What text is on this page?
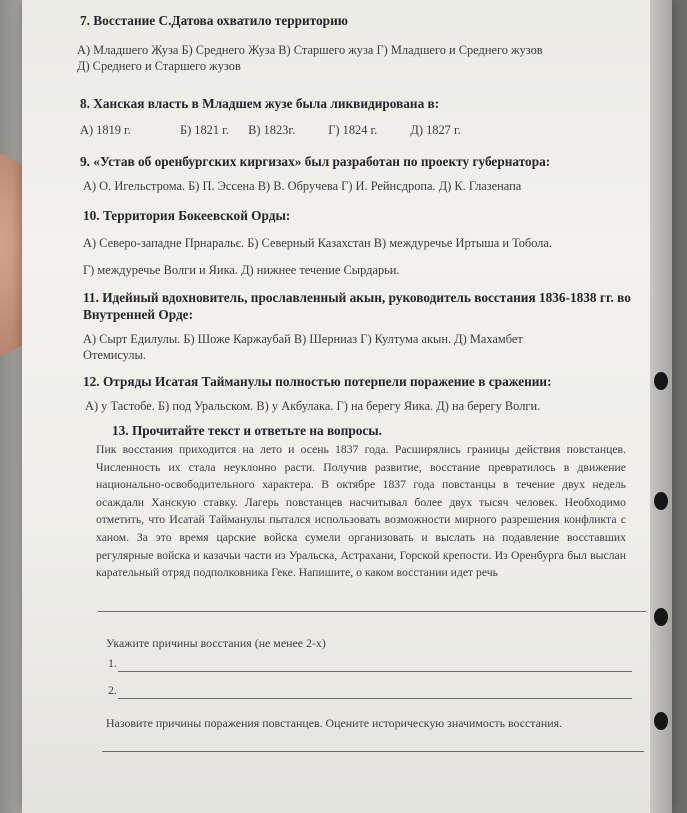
7. Восстание С.Датова охватило территорию
А) Младшего Жуза Б) Среднего Жуза В) Старшего жуза Г) Младшего и Среднего жузов
Д) Среднего и Старшего жузов
8. Ханская власть в Младшем жузе была ликвидирована в:
А) 1819 г.	Б) 1821 г. В) 1823г.	Г) 1824 г.	Д) 1827 г.
9. «Устав об оренбургских киргизах» был разработан по проекту губернатора:
А) О. Игельстрома. Б) П. Эссена В) В. Обручева Г) И. Рейнсдропа. Д) К. Глазенапа
10. Территория Бокеевской Орды:
А) Северо-западне Прнаральє. Б) Северный Казахстан В) междуречье Иртыша и Тобола.
Г) междуречье Волги и Яика. Д) нижнее течение Сырдарьи.
11. Идейный вдохновитель, прославленный акын, руководитель восстания 1836-1838 гг. во Внутренней Орде:
А) Сырт Едилулы. Б) Шоже Каржаубай В) Шерниаз Г) Култума акын. Д) Махамбет
Отемисулы.
12. Отряды Исатая Тайманулы полностью потерпели поражение в сражении:
А) у Тастобе. Б) под Уральском. В) у Акбулака. Г) на берегу Яика. Д) на берегу Волги.
13. Прочитайте текст и ответьте на вопросы.
Пик восстания приходится на лето и осень 1837 года. Расширялись границы действия повстанцев. Численность их стала неуклонно расти. Получив развитие, восстание превратилось в движение национально-освободительного характера. В октябре 1837 года повстанцы в течение двух недель осаждали Ханскую ставку. Лагерь повстанцев насчитывал более двух тысяч человек. Необходимо отметить, что Исатай Тайманулы пытался использовать возможности мирного разрешения конфликта с ханом. За это время царские войска сумели организовать и выслать на подавление восставших регулярные войска и казачьи части из Уральска, Астрахани, Горской крепости. Из Оренбурга был выслан карательный отряд подполковника Геке. Напишите, о каком восстании идет речь
Укажите причины восстания (не менее 2-х)
1.
2.
Назовите причины поражения повстанцев. Оцените историческую значимость восстания.
